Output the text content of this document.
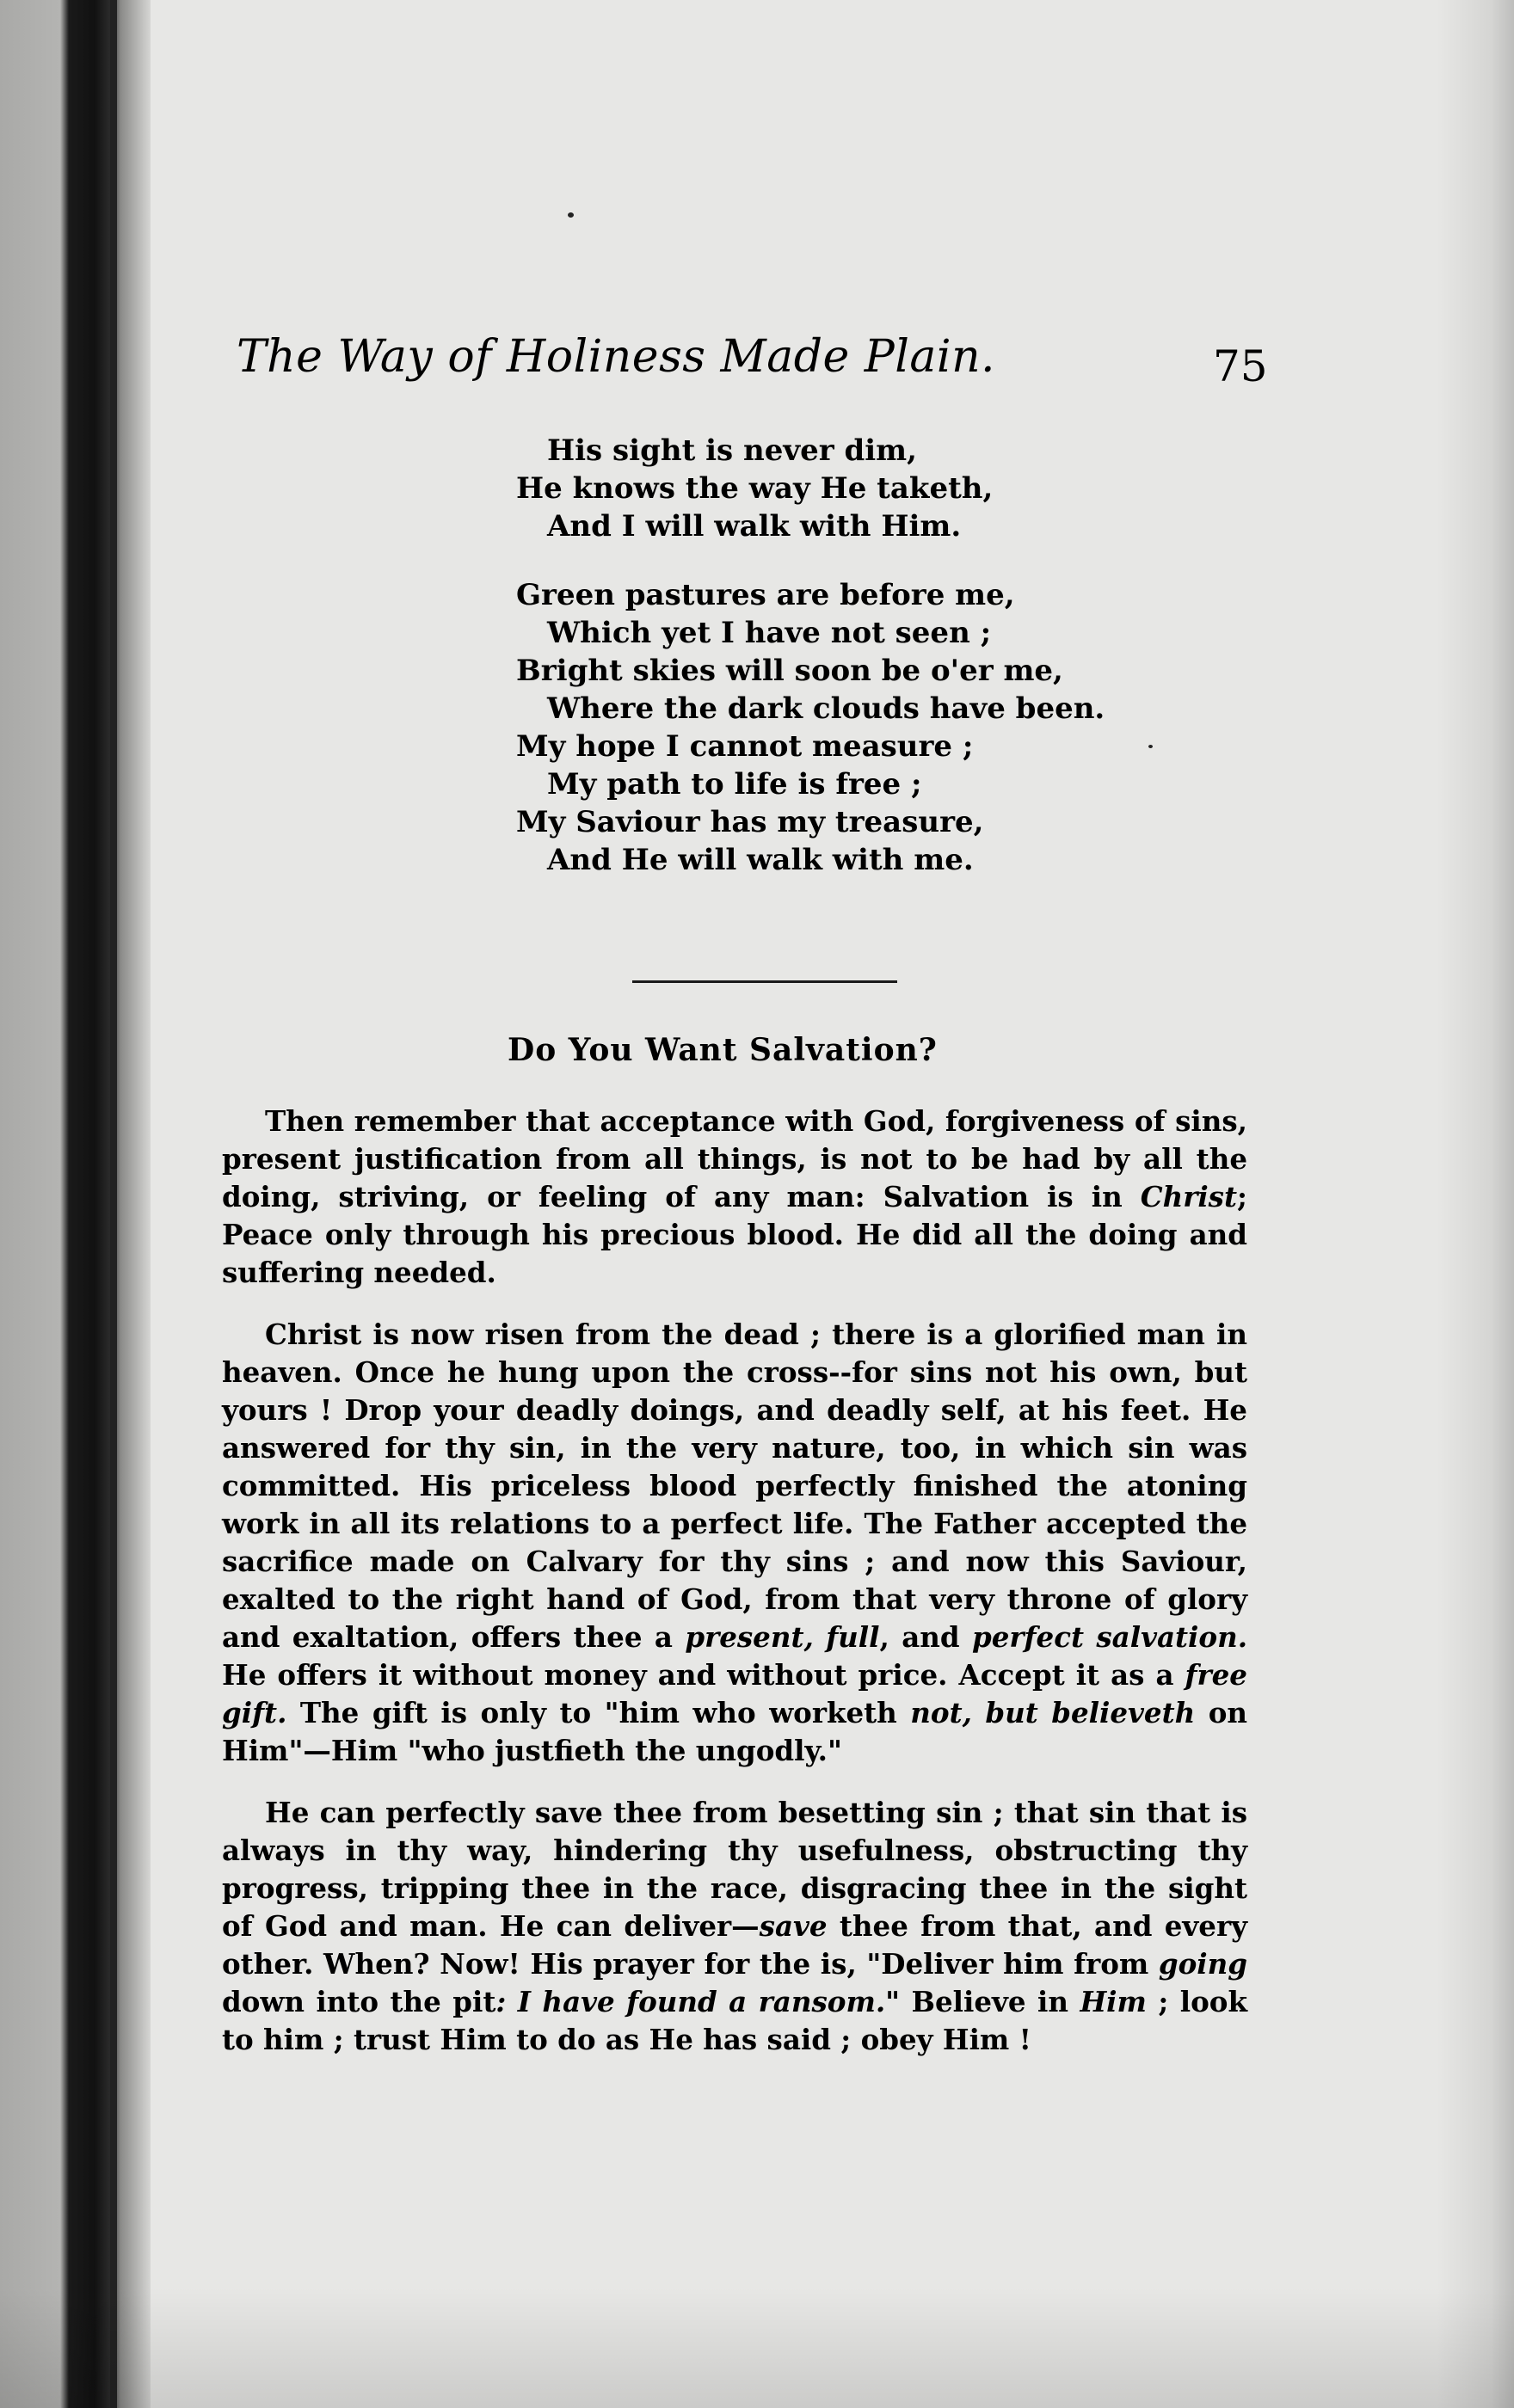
The Way of Holiness Made Plain.	75
His sight is never dim,
He knows the way He taketh,
And I will walk with Him.
Green pastures are before me,
Which yet I have not seen ;
Bright skies will soon be o'er me,
Where the dark clouds have been.
My hope I cannot measure ;
My path to life is free ;
My Saviour has my treasure,
And He will walk with me.
Do You Want Salvation?

Then remember that acceptance with God, forgiveness of sins, present justification from all things, is not to be had by all the doing, striving, or feeling of any man: Salvation is in Christ; Peace only through his precious blood. He did all the doing and suffering needed.

Christ is now risen from the dead ; there is a glorified man in heaven. Once he hung upon the cross--for sins not his own, but yours ! Drop your deadly doings, and deadly self, at his feet. He answered for thy sin, in the very nature, too, in which sin was committed. His priceless blood perfectly finished the atoning work in all its relations to a perfect life. The Father accepted the sacrifice made on Calvary for thy sins ; and now this Saviour, exalted to the right hand of God, from that very throne of glory and exaltation, offers thee a present, full, and perfect salvation. He offers it without money and without price. Accept it as a free gift. The gift is only to "him who worketh not, but believeth on Him"—Him "who justfieth the ungodly."

He can perfectly save thee from besetting sin ; that sin that is always in thy way, hindering thy usefulness, obstructing thy progress, tripping thee in the race, disgracing thee in the sight of God and man. He can deliver—save thee from that, and every other. When? Now! His prayer for the is, "Deliver him from going down into the pit: I have found a ransom." Believe in Him ; look to him ; trust Him to do as He has said ; obey Him !
